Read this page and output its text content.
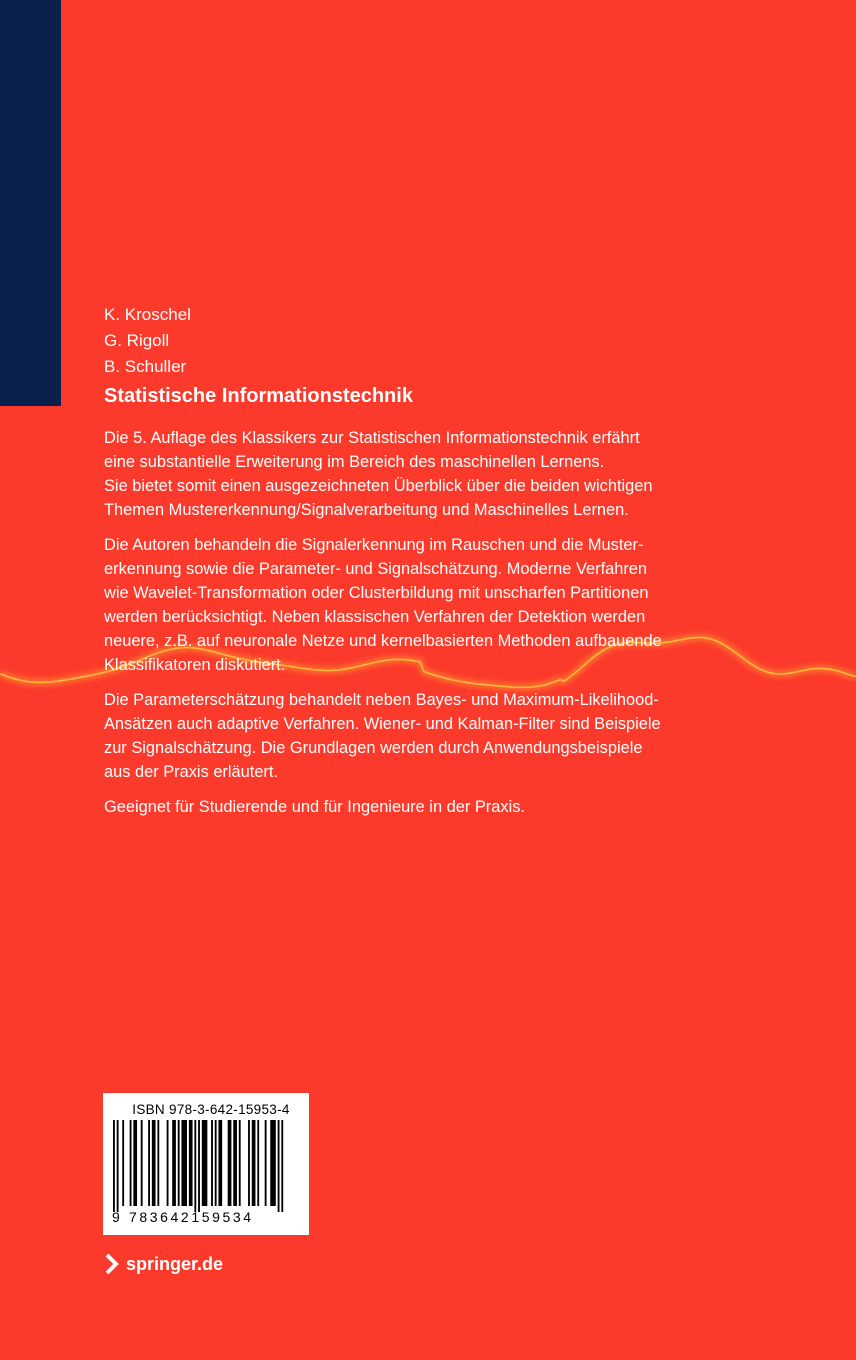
K. Kroschel
G. Rigoll
B. Schuller
Statistische Informationstechnik

Die 5. Auflage des Klassikers zur Statistischen Informationstechnik erfährt
eine substantielle Erweiterung im Bereich des maschinellen Lernens.
Sie bietet somit einen ausgezeichneten Überblick über die beiden wichtigen
Themen Mustererkennung/Signalverarbeitung und Maschinelles Lernen.

Die Autoren behandeln die Signalerkennung im Rauschen und die Muster-
erkennung sowie die Parameter- und Signalschätzung. Moderne Verfahren
wie Wavelet-Transformation oder Clusterbildung mit unscharfen Partitionen
werden berücksichtigt. Neben klassischen Verfahren der Detektion werden
neuere, z.B. auf neuronale Netze und kernelbasierten Methoden aufbauende
Klassifikatoren diskutiert.

Die Parameterschätzung behandelt neben Bayes- und Maximum-Likelihood-
Ansätzen auch adaptive Verfahren. Wiener- und Kalman-Filter sind Beispiele
zur Signalschätzung. Die Grundlagen werden durch Anwendungsbeispiele
aus der Praxis erläutert.

Geeignet für Studierende und für Ingenieure in der Praxis.

ISBN 978-3-642-15953-4
9 783642159534
springer.de
